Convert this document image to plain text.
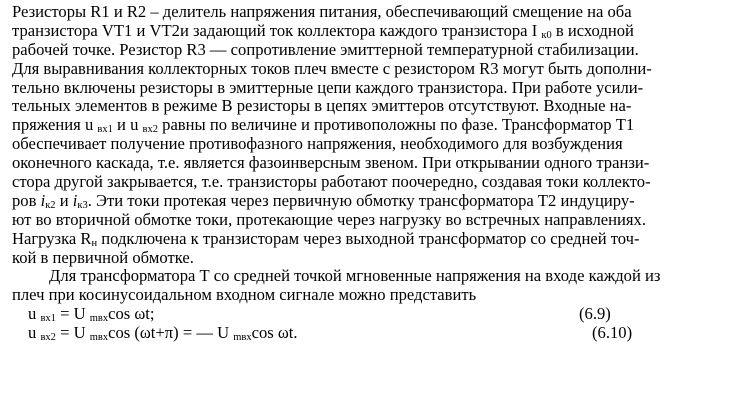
Резисторы R1 и R2 – делитель напряжения питания, обеспечивающий смещение на оба
транзистора VT1 и VT2и задающий ток коллектора каждого транзистора I $_{к0}$ в исходной
рабочей точке. Резистор R3 — сопротивление эмиттерной температурной стабилизации.
Для выравнивания коллекторных токов плеч вместе с резистором R3 могут быть дополни-
тельно включены резисторы в эмиттерные цепи каждого транзистора. При работе усили-
тельных элементов в режиме В резисторы в цепях эмиттеров отсутствуют. Входные на-
пряжения u $_{вх1}$ и u $_{вх2}$ равны по величине и противоположны по фазе. Трансформатор Т1
обеспечивает получение противофазного напряжения, необходимого для возбуждения
оконечного каскада, т.е. является фазоинверсным звеном. При открывании одного транзи-
стора другой закрывается, т.е. транзисторы работают поочередно, создавая токи коллекто-
ров $i_{к2}$ и $i_{к3}$. Эти токи протекая через первичную обмотку трансформатора Т2 индуциру-
ют во вторичной обмотке токи, протекающие через нагрузку во встречных направлениях.
Нагрузка $R_н$ подключена к транзисторам через выходной трансформатор со средней точ-
кой в первичной обмотке.
Для трансформатора Т со средней точкой мгновенные напряжения на входе каждой из
плеч при косинусоидальном входном сигнале можно представить
u $_{вх1}$ = U $_{mвх}$cos ωt;	(6.9)
u $_{вх2}$ = U $_{mвх}$cos (ωt+π) = — U $_{mвх}$cos ωt.	(6.10)
